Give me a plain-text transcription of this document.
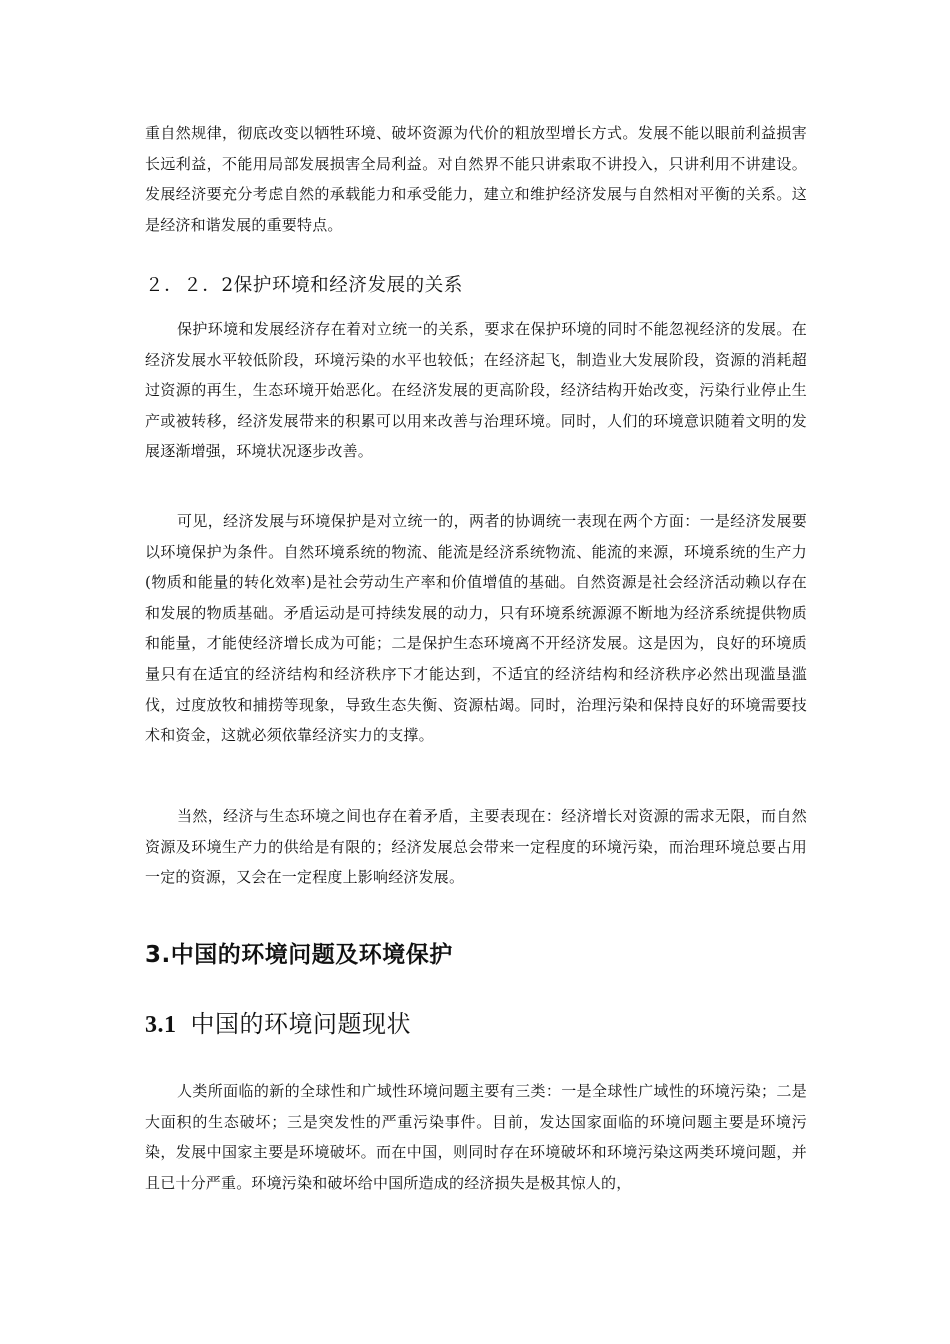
重自然规律，彻底改变以牺牲环境、破坏资源为代价的粗放型增长方式。发展不能以眼前利益损害长远利益，不能用局部发展损害全局利益。对自然界不能只讲索取不讲投入，只讲利用不讲建设。发展经济要充分考虑自然的承载能力和承受能力，建立和维护经济发展与自然相对平衡的关系。这是经济和谐发展的重要特点。

２．２．2保护环境和经济发展的关系

保护环境和发展经济存在着对立统一的关系，要求在保护环境的同时不能忽视经济的发展。在经济发展水平较低阶段，环境污染的水平也较低；在经济起飞，制造业大发展阶段，资源的消耗超过资源的再生，生态环境开始恶化。在经济发展的更高阶段，经济结构开始改变，污染行业停止生产或被转移，经济发展带来的积累可以用来改善与治理环境。同时，人们的环境意识随着文明的发展逐渐增强，环境状况逐步改善。

可见，经济发展与环境保护是对立统一的，两者的协调统一表现在两个方面：一是经济发展要以环境保护为条件。自然环境系统的物流、能流是经济系统物流、能流的来源，环境系统的生产力(物质和能量的转化效率)是社会劳动生产率和价值增值的基础。自然资源是社会经济活动赖以存在和发展的物质基础。矛盾运动是可持续发展的动力，只有环境系统源源不断地为经济系统提供物质和能量，才能使经济增长成为可能；二是保护生态环境离不开经济发展。这是因为，良好的环境质量只有在适宜的经济结构和经济秩序下才能达到，不适宜的经济结构和经济秩序必然出现滥垦滥伐，过度放牧和捕捞等现象，导致生态失衡、资源枯竭。同时，治理污染和保持良好的环境需要技术和资金，这就必须依靠经济实力的支撑。

当然，经济与生态环境之间也存在着矛盾，主要表现在：经济增长对资源的需求无限，而自然资源及环境生产力的供给是有限的；经济发展总会带来一定程度的环境污染，而治理环境总要占用一定的资源，又会在一定程度上影响经济发展。

3.中国的环境问题及环境保护
3.1 中国的环境问题现状

人类所面临的新的全球性和广域性环境问题主要有三类：一是全球性广域性的环境污染；二是大面积的生态破坏；三是突发性的严重污染事件。目前，发达国家面临的环境问题主要是环境污染，发展中国家主要是环境破坏。而在中国，则同时存在环境破坏和环境污染这两类环境问题，并且已十分严重。环境污染和破坏给中国所造成的经济损失是极其惊人的，
